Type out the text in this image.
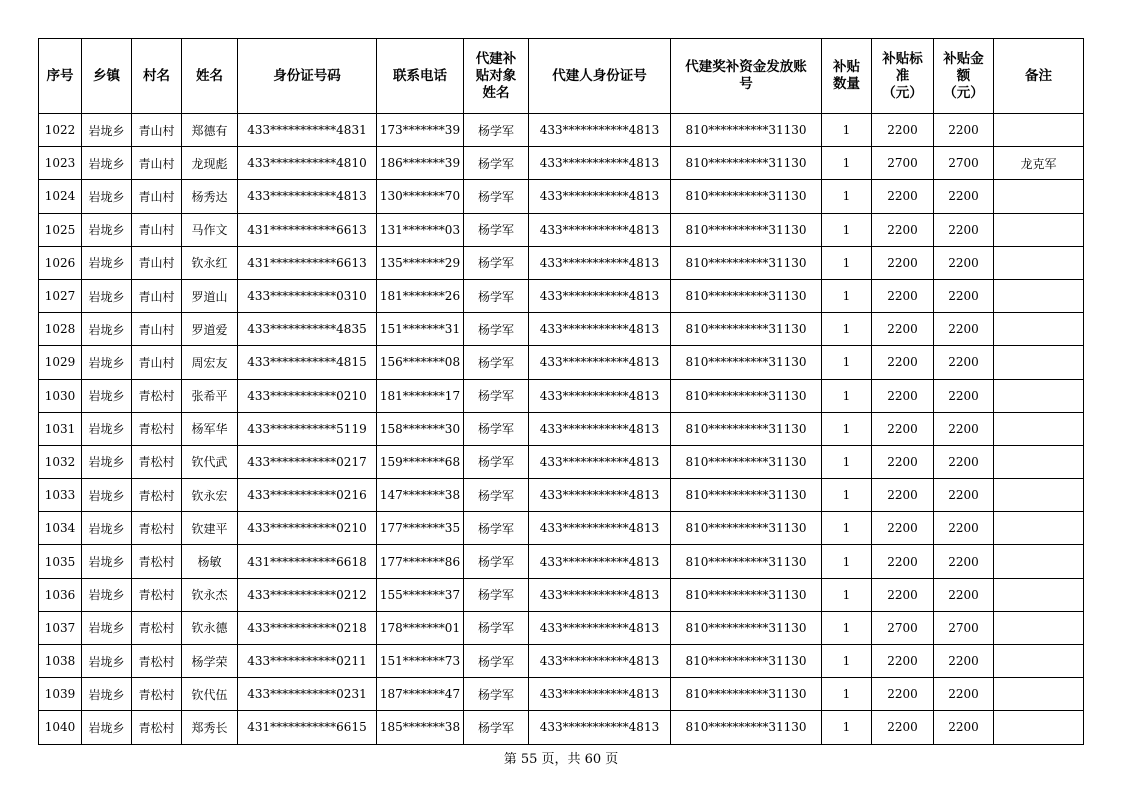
序号	乡镇	村名	姓名	身份证号码	联系电话	代建补贴对象姓名	代建人身份证号	代建奖补资金发放账号	补贴数量	补贴标准（元）	补贴金额（元）	备注
1022	岩垅乡	青山村	郑德有	433***********4831	173*******39	杨学军	433***********4813	810**********31130	1	2200	2200	
1023	岩垅乡	青山村	龙现彪	433***********4810	186*******39	杨学军	433***********4813	810**********31130	1	2700	2700	龙克军
1024	岩垅乡	青山村	杨秀达	433***********4813	130*******70	杨学军	433***********4813	810**********31130	1	2200	2200	
1025	岩垅乡	青山村	马作文	431***********6613	131*******03	杨学军	433***********4813	810**********31130	1	2200	2200	
1026	岩垅乡	青山村	钦永红	431***********6613	135*******29	杨学军	433***********4813	810**********31130	1	2200	2200	
1027	岩垅乡	青山村	罗道山	433***********0310	181*******26	杨学军	433***********4813	810**********31130	1	2200	2200	
1028	岩垅乡	青山村	罗道爱	433***********4835	151*******31	杨学军	433***********4813	810**********31130	1	2200	2200	
1029	岩垅乡	青山村	周宏友	433***********4815	156*******08	杨学军	433***********4813	810**********31130	1	2200	2200	
1030	岩垅乡	青松村	张希平	433***********0210	181*******17	杨学军	433***********4813	810**********31130	1	2200	2200	
1031	岩垅乡	青松村	杨军华	433***********5119	158*******30	杨学军	433***********4813	810**********31130	1	2200	2200	
1032	岩垅乡	青松村	钦代武	433***********0217	159*******68	杨学军	433***********4813	810**********31130	1	2200	2200	
1033	岩垅乡	青松村	钦永宏	433***********0216	147*******38	杨学军	433***********4813	810**********31130	1	2200	2200	
1034	岩垅乡	青松村	钦建平	433***********0210	177*******35	杨学军	433***********4813	810**********31130	1	2200	2200	
1035	岩垅乡	青松村	杨敏	431***********6618	177*******86	杨学军	433***********4813	810**********31130	1	2200	2200	
1036	岩垅乡	青松村	钦永杰	433***********0212	155*******37	杨学军	433***********4813	810**********31130	1	2200	2200	
1037	岩垅乡	青松村	钦永德	433***********0218	178*******01	杨学军	433***********4813	810**********31130	1	2700	2700	
1038	岩垅乡	青松村	杨学荣	433***********0211	151*******73	杨学军	433***********4813	810**********31130	1	2200	2200	
1039	岩垅乡	青松村	钦代伍	433***********0231	187*******47	杨学军	433***********4813	810**********31130	1	2200	2200	
1040	岩垅乡	青松村	郑秀长	431***********6615	185*******38	杨学军	433***********4813	810**********31130	1	2200	2200	
第 55 页，共 60 页
